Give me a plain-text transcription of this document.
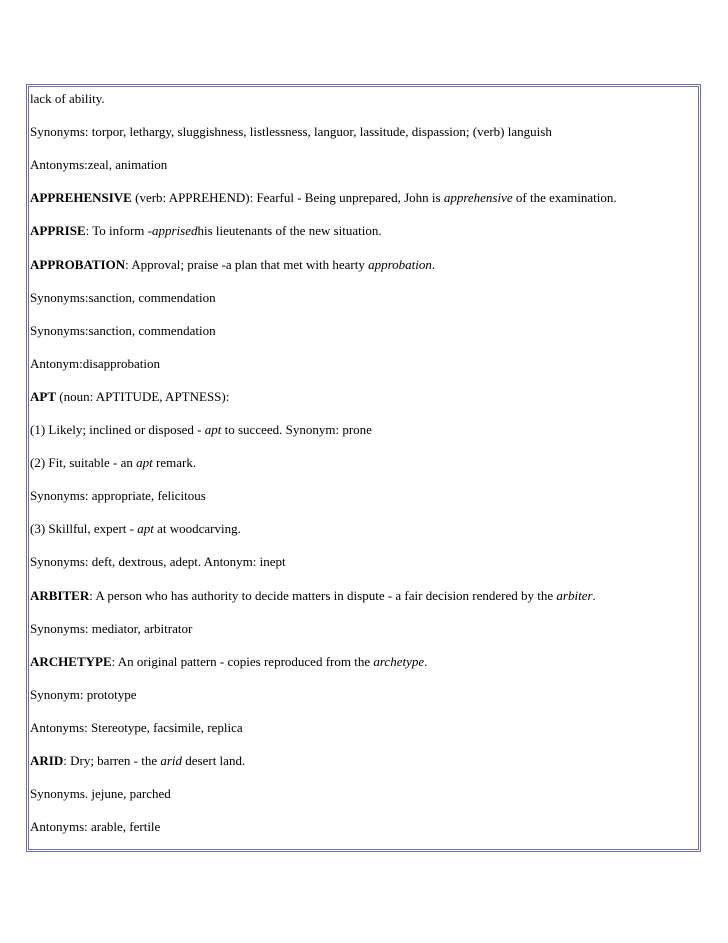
lack of ability.
Synonyms: torpor, lethargy, sluggishness, listlessness, languor, lassitude, dispassion; (verb) languish
Antonyms:zeal, animation
APPREHENSIVE (verb: APPREHEND): Fearful - Being unprepared, John is apprehensive of the examination.
APPRISE: To inform -apprisedhis lieutenants of the new situation.
APPROBATION: Approval; praise -a plan that met with hearty approbation.
Synonyms:sanction, commendation
Synonyms:sanction, commendation
Antonym:disapprobation
APT (noun: APTITUDE, APTNESS):
(1) Likely; inclined or disposed - apt to succeed. Synonym: prone
(2) Fit, suitable - an apt remark.
Synonyms: appropriate, felicitous
(3) Skillful, expert - apt at woodcarving.
Synonyms: deft, dextrous, adept. Antonym: inept
ARBITER: A person who has authority to decide matters in dispute - a fair decision rendered by the arbiter.
Synonyms: mediator, arbitrator
ARCHETYPE: An original pattern - copies reproduced from the archetype.
Synonym: prototype
Antonyms: Stereotype, facsimile, replica
ARID: Dry; barren - the arid desert land.
Synonyms. jejune, parched
Antonyms: arable, fertile
